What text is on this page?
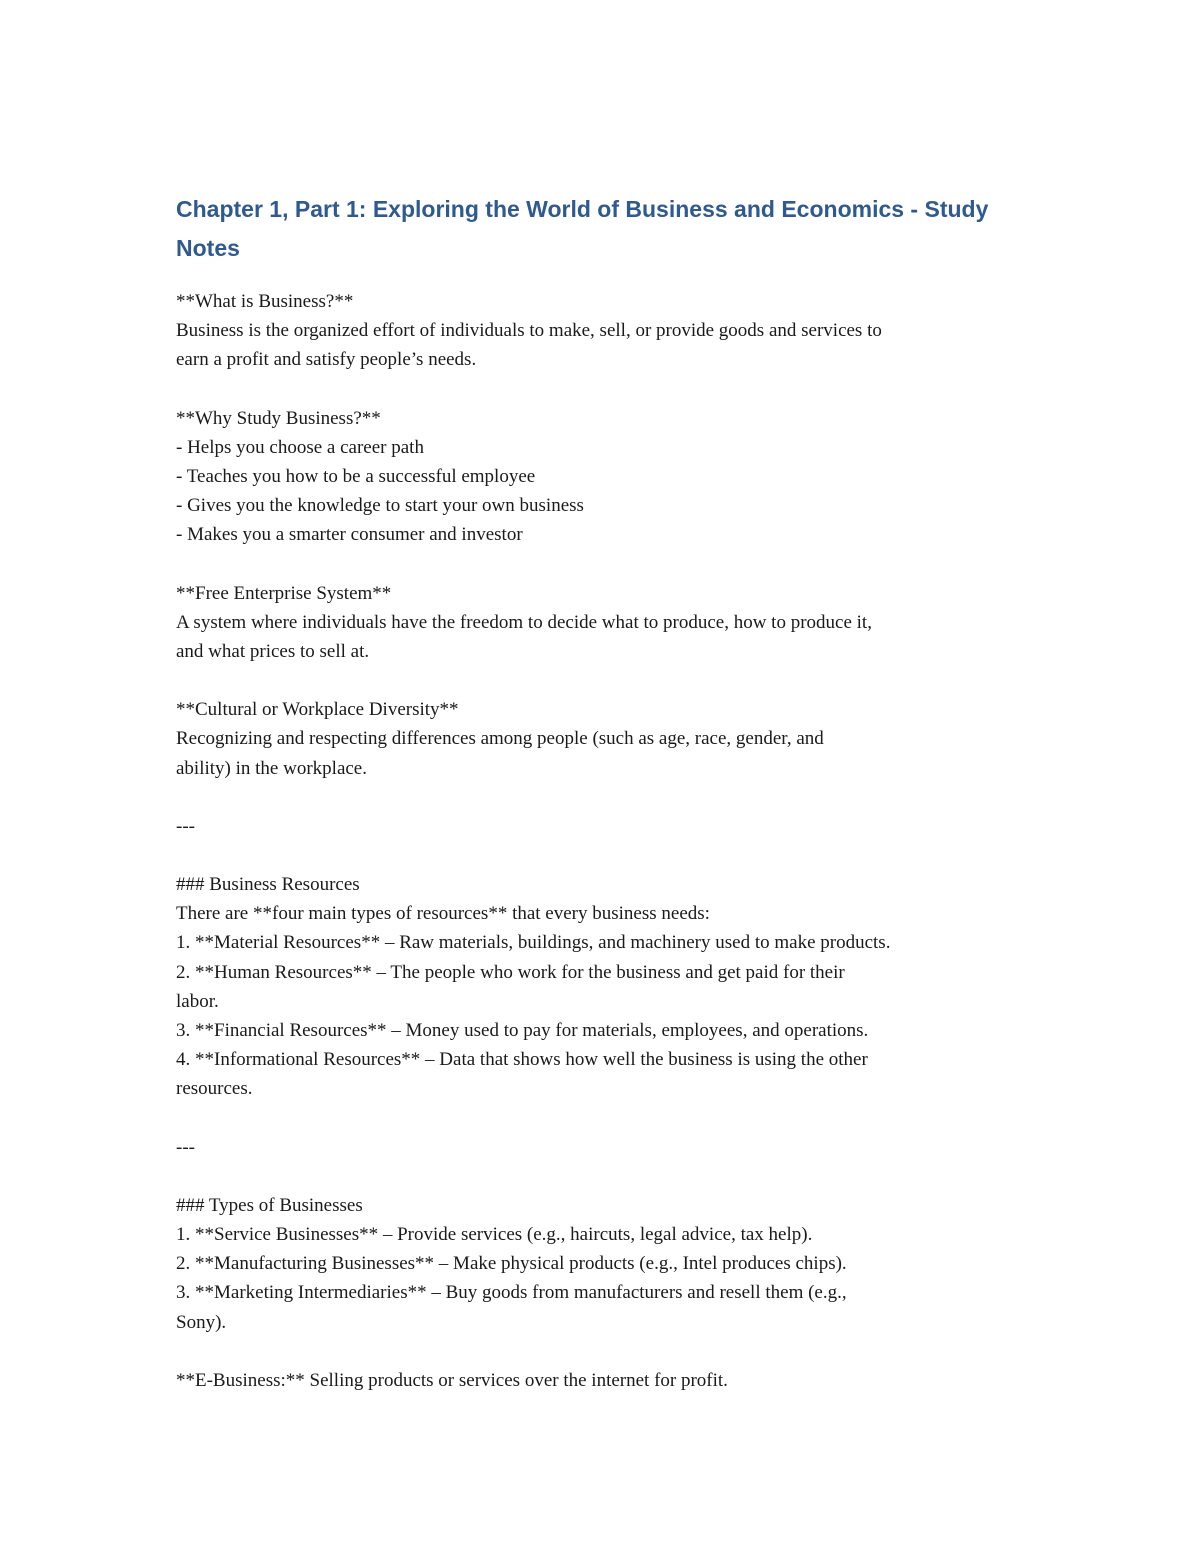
Chapter 1, Part 1: Exploring the World of Business and Economics - Study Notes
**What is Business?**
Business is the organized effort of individuals to make, sell, or provide goods and services to
earn a profit and satisfy people’s needs.
**Why Study Business?**
- Helps you choose a career path
- Teaches you how to be a successful employee
- Gives you the knowledge to start your own business
- Makes you a smarter consumer and investor
**Free Enterprise System**
A system where individuals have the freedom to decide what to produce, how to produce it,
and what prices to sell at.
**Cultural or Workplace Diversity**
Recognizing and respecting differences among people (such as age, race, gender, and
ability) in the workplace.
---
### Business Resources
There are **four main types of resources** that every business needs:
1. **Material Resources** – Raw materials, buildings, and machinery used to make products.
2. **Human Resources** – The people who work for the business and get paid for their
labor.
3. **Financial Resources** – Money used to pay for materials, employees, and operations.
4. **Informational Resources** – Data that shows how well the business is using the other
resources.
---
### Types of Businesses
1. **Service Businesses** – Provide services (e.g., haircuts, legal advice, tax help).
2. **Manufacturing Businesses** – Make physical products (e.g., Intel produces chips).
3. **Marketing Intermediaries** – Buy goods from manufacturers and resell them (e.g.,
Sony).
**E-Business:** Selling products or services over the internet for profit.
